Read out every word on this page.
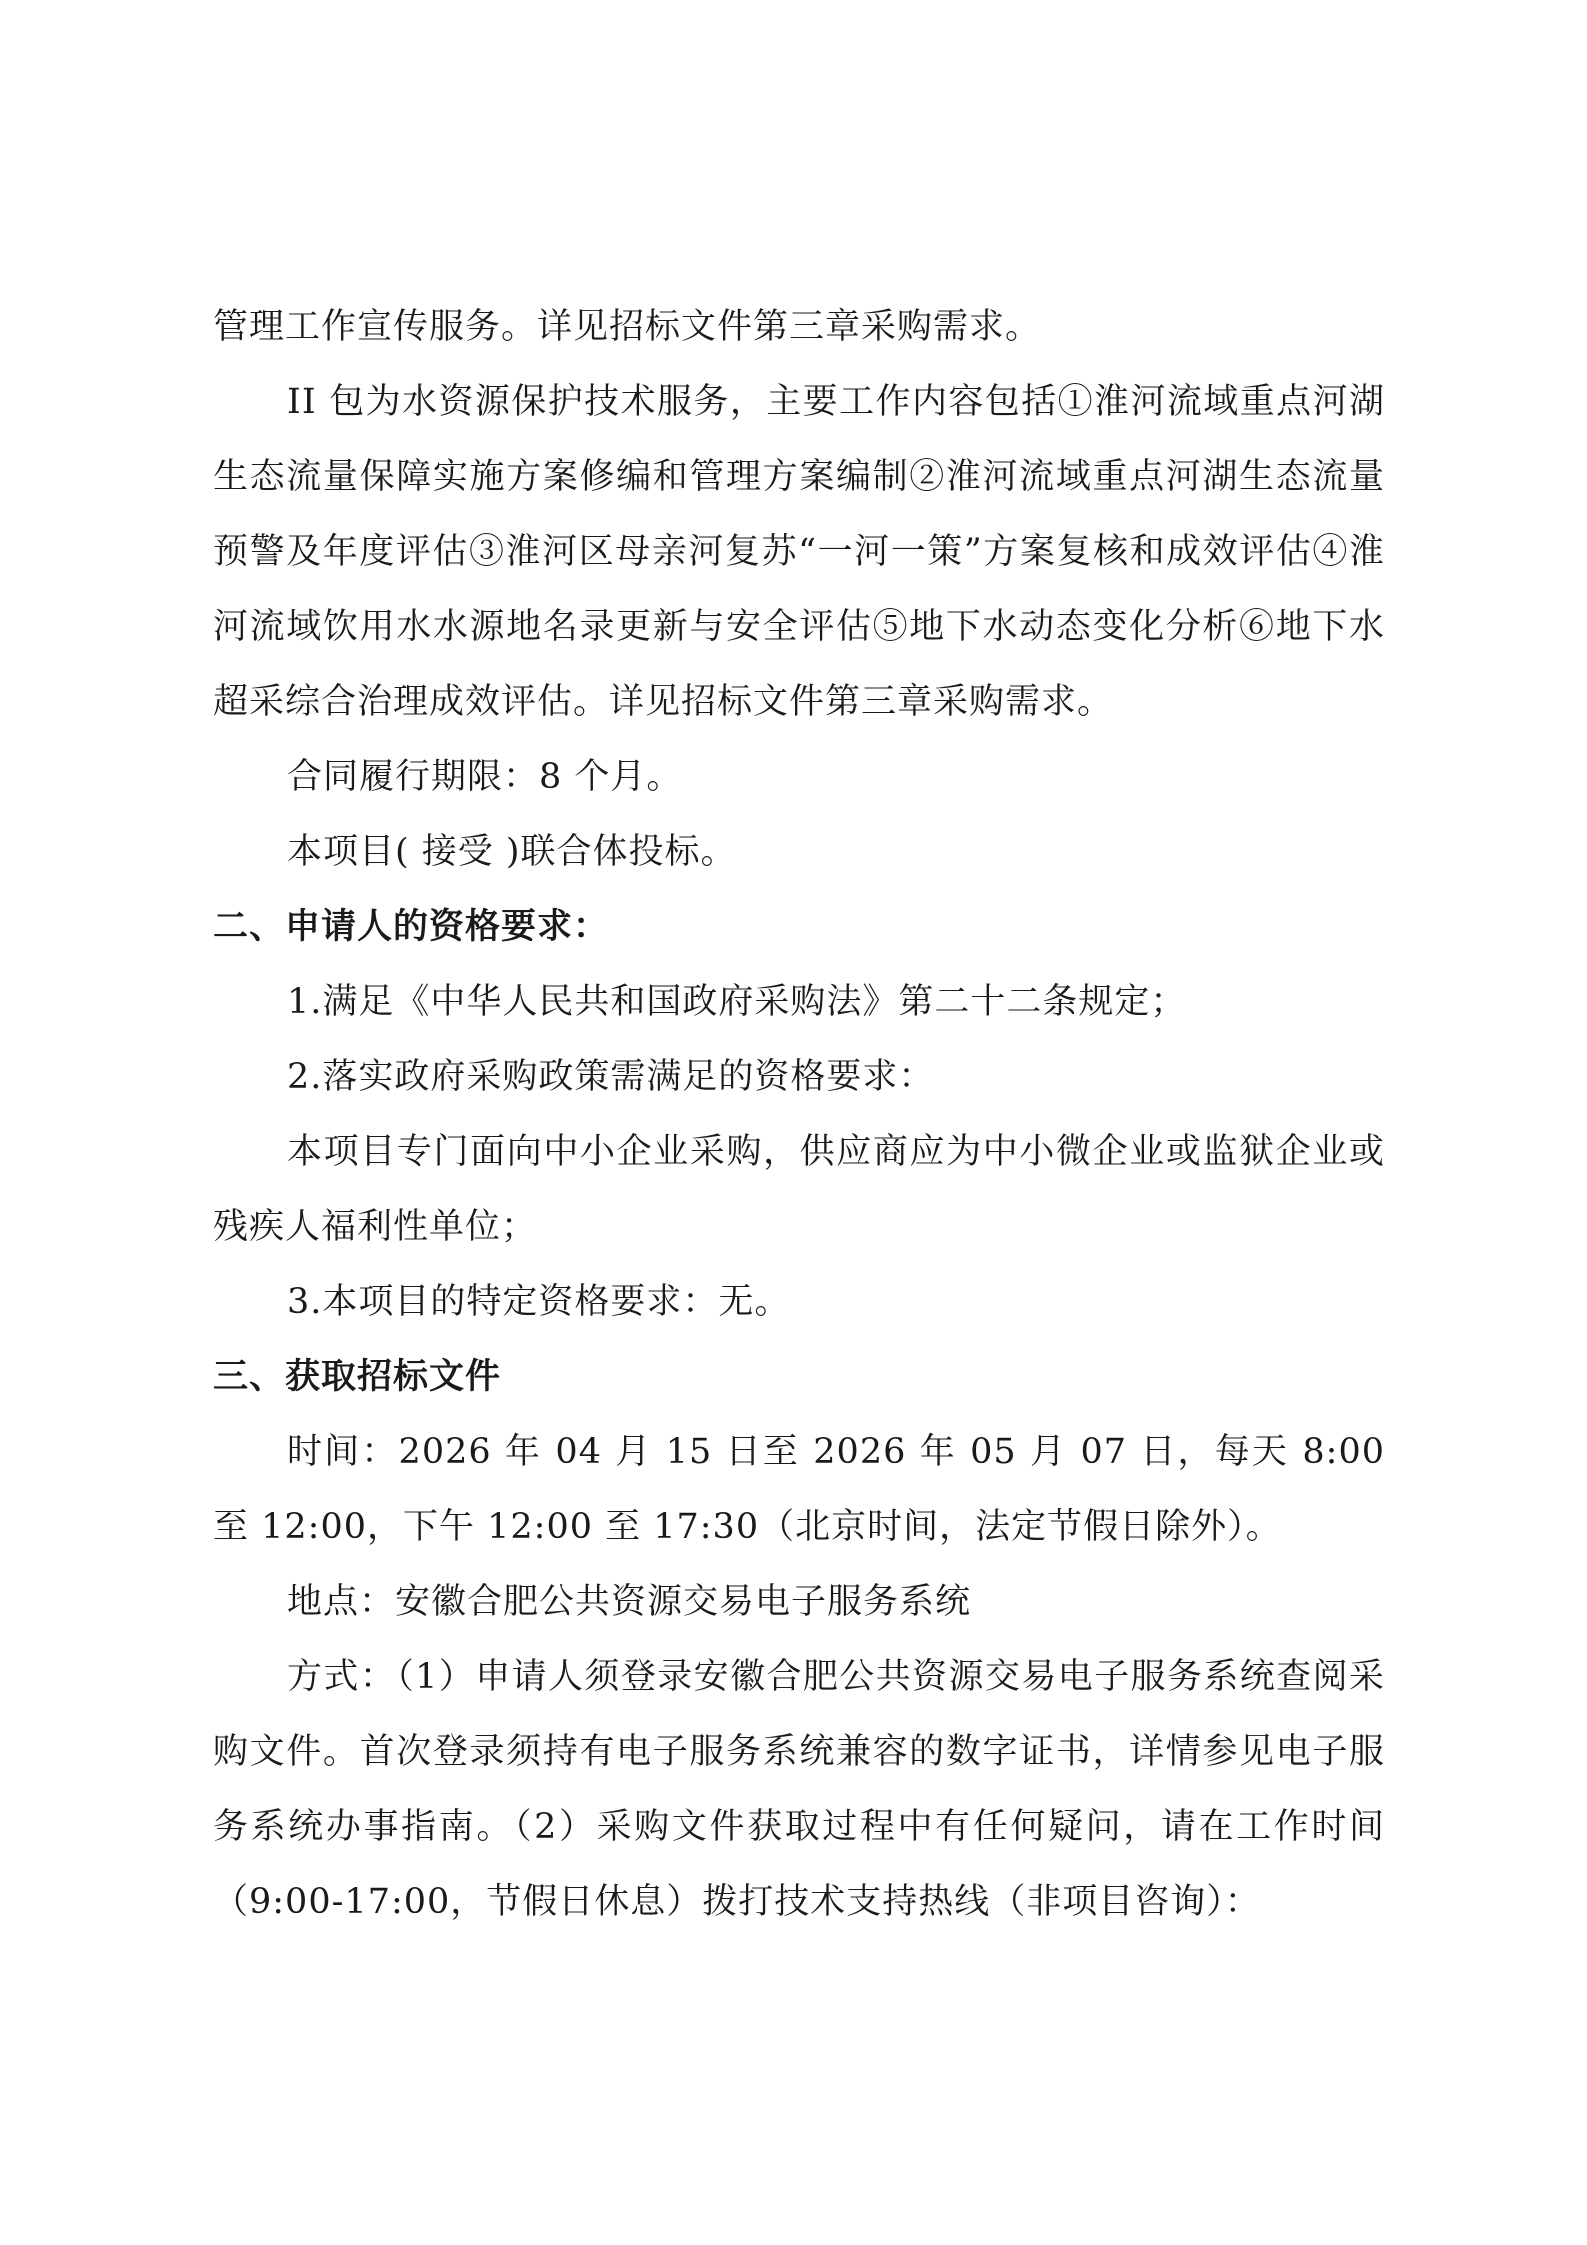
管理工作宣传服务。详见招标文件第三章采购需求。

II 包为水资源保护技术服务，主要工作内容包括①淮河流域重点河湖生态流量保障实施方案修编和管理方案编制②淮河流域重点河湖生态流量预警及年度评估③淮河区母亲河复苏“一河一策”方案复核和成效评估④淮河流域饮用水水源地名录更新与安全评估⑤地下水动态变化分析⑥地下水超采综合治理成效评估。详见招标文件第三章采购需求。

合同履行期限：8 个月。

本项目( 接受 )联合体投标。

二、申请人的资格要求：

1.满足《中华人民共和国政府采购法》第二十二条规定；

2.落实政府采购政策需满足的资格要求：

本项目专门面向中小企业采购，供应商应为中小微企业或监狱企业或残疾人福利性单位；

3.本项目的特定资格要求：无。

三、获取招标文件

时间：2026 年 04 月 15 日至 2026 年 05 月 07 日，每天 8:00 至 12:00，下午 12:00 至 17:30（北京时间，法定节假日除外）。

地点：安徽合肥公共资源交易电子服务系统

方式：（1）申请人须登录安徽合肥公共资源交易电子服务系统查阅采购文件。首次登录须持有电子服务系统兼容的数字证书，详情参见电子服务系统办事指南。（2）采购文件获取过程中有任何疑问，请在工作时间（9:00-17:00，节假日休息）拨打技术支持热线（非项目咨询）：
